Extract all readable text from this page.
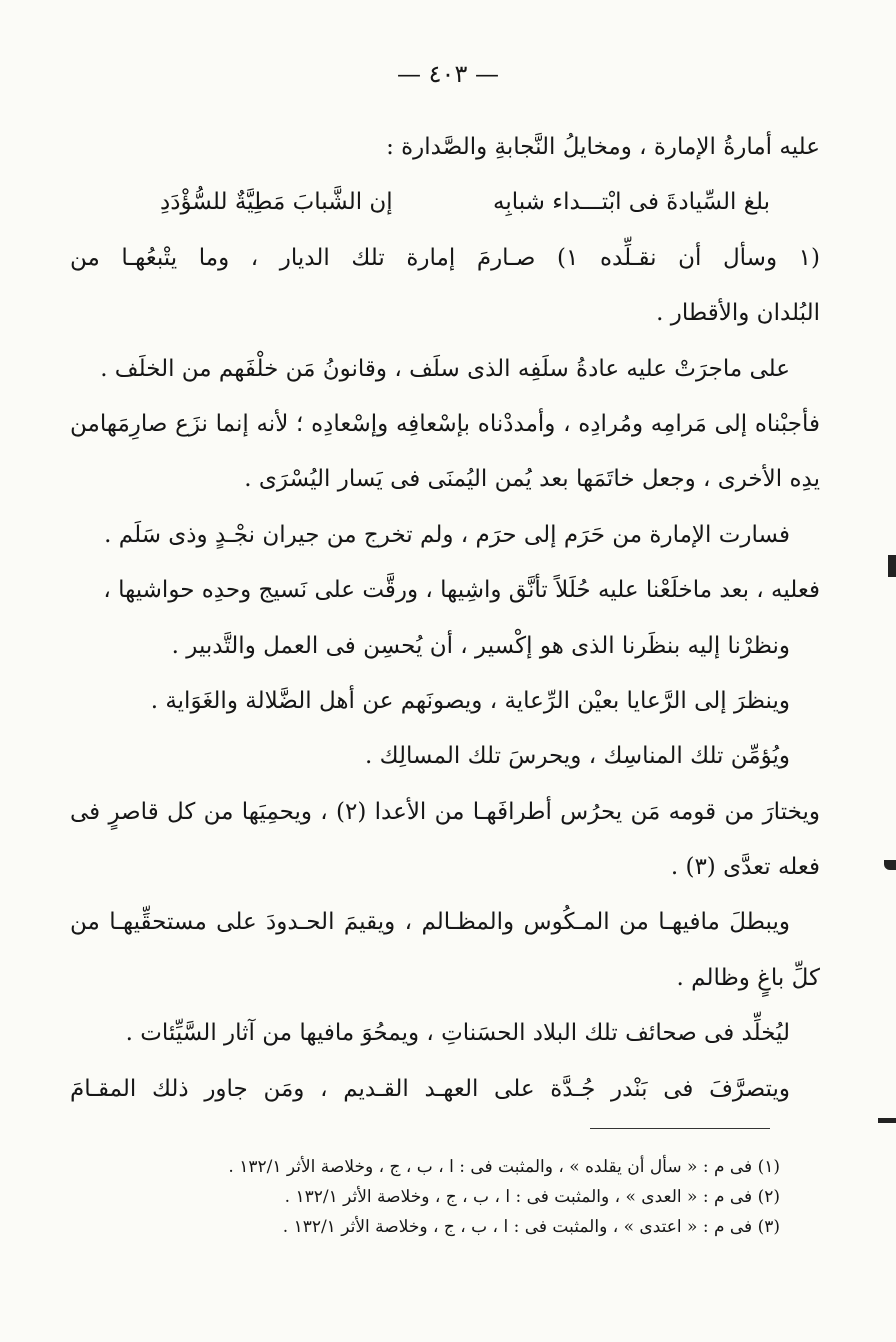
— ٤٠٣ —
عليه أمارةُ الإمارة ، ومخايلُ النَّجابةِ والصَّدارة :
بلغ السِّيادةَ فى ابْتـــداء شبابِه
إن الشَّبابَ مَطِيَّةٌ للسُّؤْدَدِ
(١ وسأل أن نقـلِّده ١) صـارمَ إمارة تلك الديار ، وما يتْبعُهـا من
البُلدان والأقطار .
على ماجرَتْ عليه عادةُ سلَفِه الذى سلَف ، وقانونُ مَن خلْفَهم من الخلَف .
فأجبْناه إلى مَرامِه ومُرادِه ، وأمددْناه بإسْعافِه وإسْعادِه ؛ لأنه إنما نزَع صارِمَهامن
يدِه الأخرى ، وجعل خاتَمَها بعد يُمن اليُمنَى فى يَسار اليُسْرَى .
فسارت الإمارة من حَرَم إلى حرَم ، ولم تخرج من جيران نجْـدٍ وذى سَلَم .
فعليه ، بعد ماخلَعْنا عليه حُلَلاً تأنَّق واشِيها ، ورقَّت على نَسيج وحدِه حواشيها ،
ونظرْنا إليه بنظَرنا الذى هو إكْسير ، أن يُحسِن فى العمل والتَّدبير .
وينظرَ إلى الرَّعايا بعيْن الرِّعاية ، ويصونَهم عن أهل الضَّلالة والغَوَاية .
ويُؤمِّن تلك المناسِك ، ويحرسَ تلك المسالِك .
ويختارَ من قومه مَن يحرُس أطرافَهـا من الأعدا (٢) ، ويحمِيَها من كل قاصرٍ فى
فعله تعدَّى (٣) .
ويبطلَ مافيهـا من المـكُوس والمظـالم ، ويقيمَ الحـدودَ على مستحقِّيهـا من
كلِّ باغٍ وظالم .
ليُخلِّد فى صحائف تلك البلاد الحسَناتِ ، ويمحُوَ مافيها من آثار السَّيِّئات .
ويتصرَّفَ فى بَنْدر جُـدَّة على العهـد القـديم ، ومَن جاور ذلك المقـامَ
(١) فى م : « سأل أن يقلده » ، والمثبت فى : ا ، ب ، ج ، وخلاصة الأثر ١٣٢/١ .
(٢) فى م : « العدى » ، والمثبت فى : ا ، ب ، ج ، وخلاصة الأثر ١٣٢/١ .
(٣) فى م : « اعتدى » ، والمثبت فى : ا ، ب ، ج ، وخلاصة الأثر ١٣٢/١ .
